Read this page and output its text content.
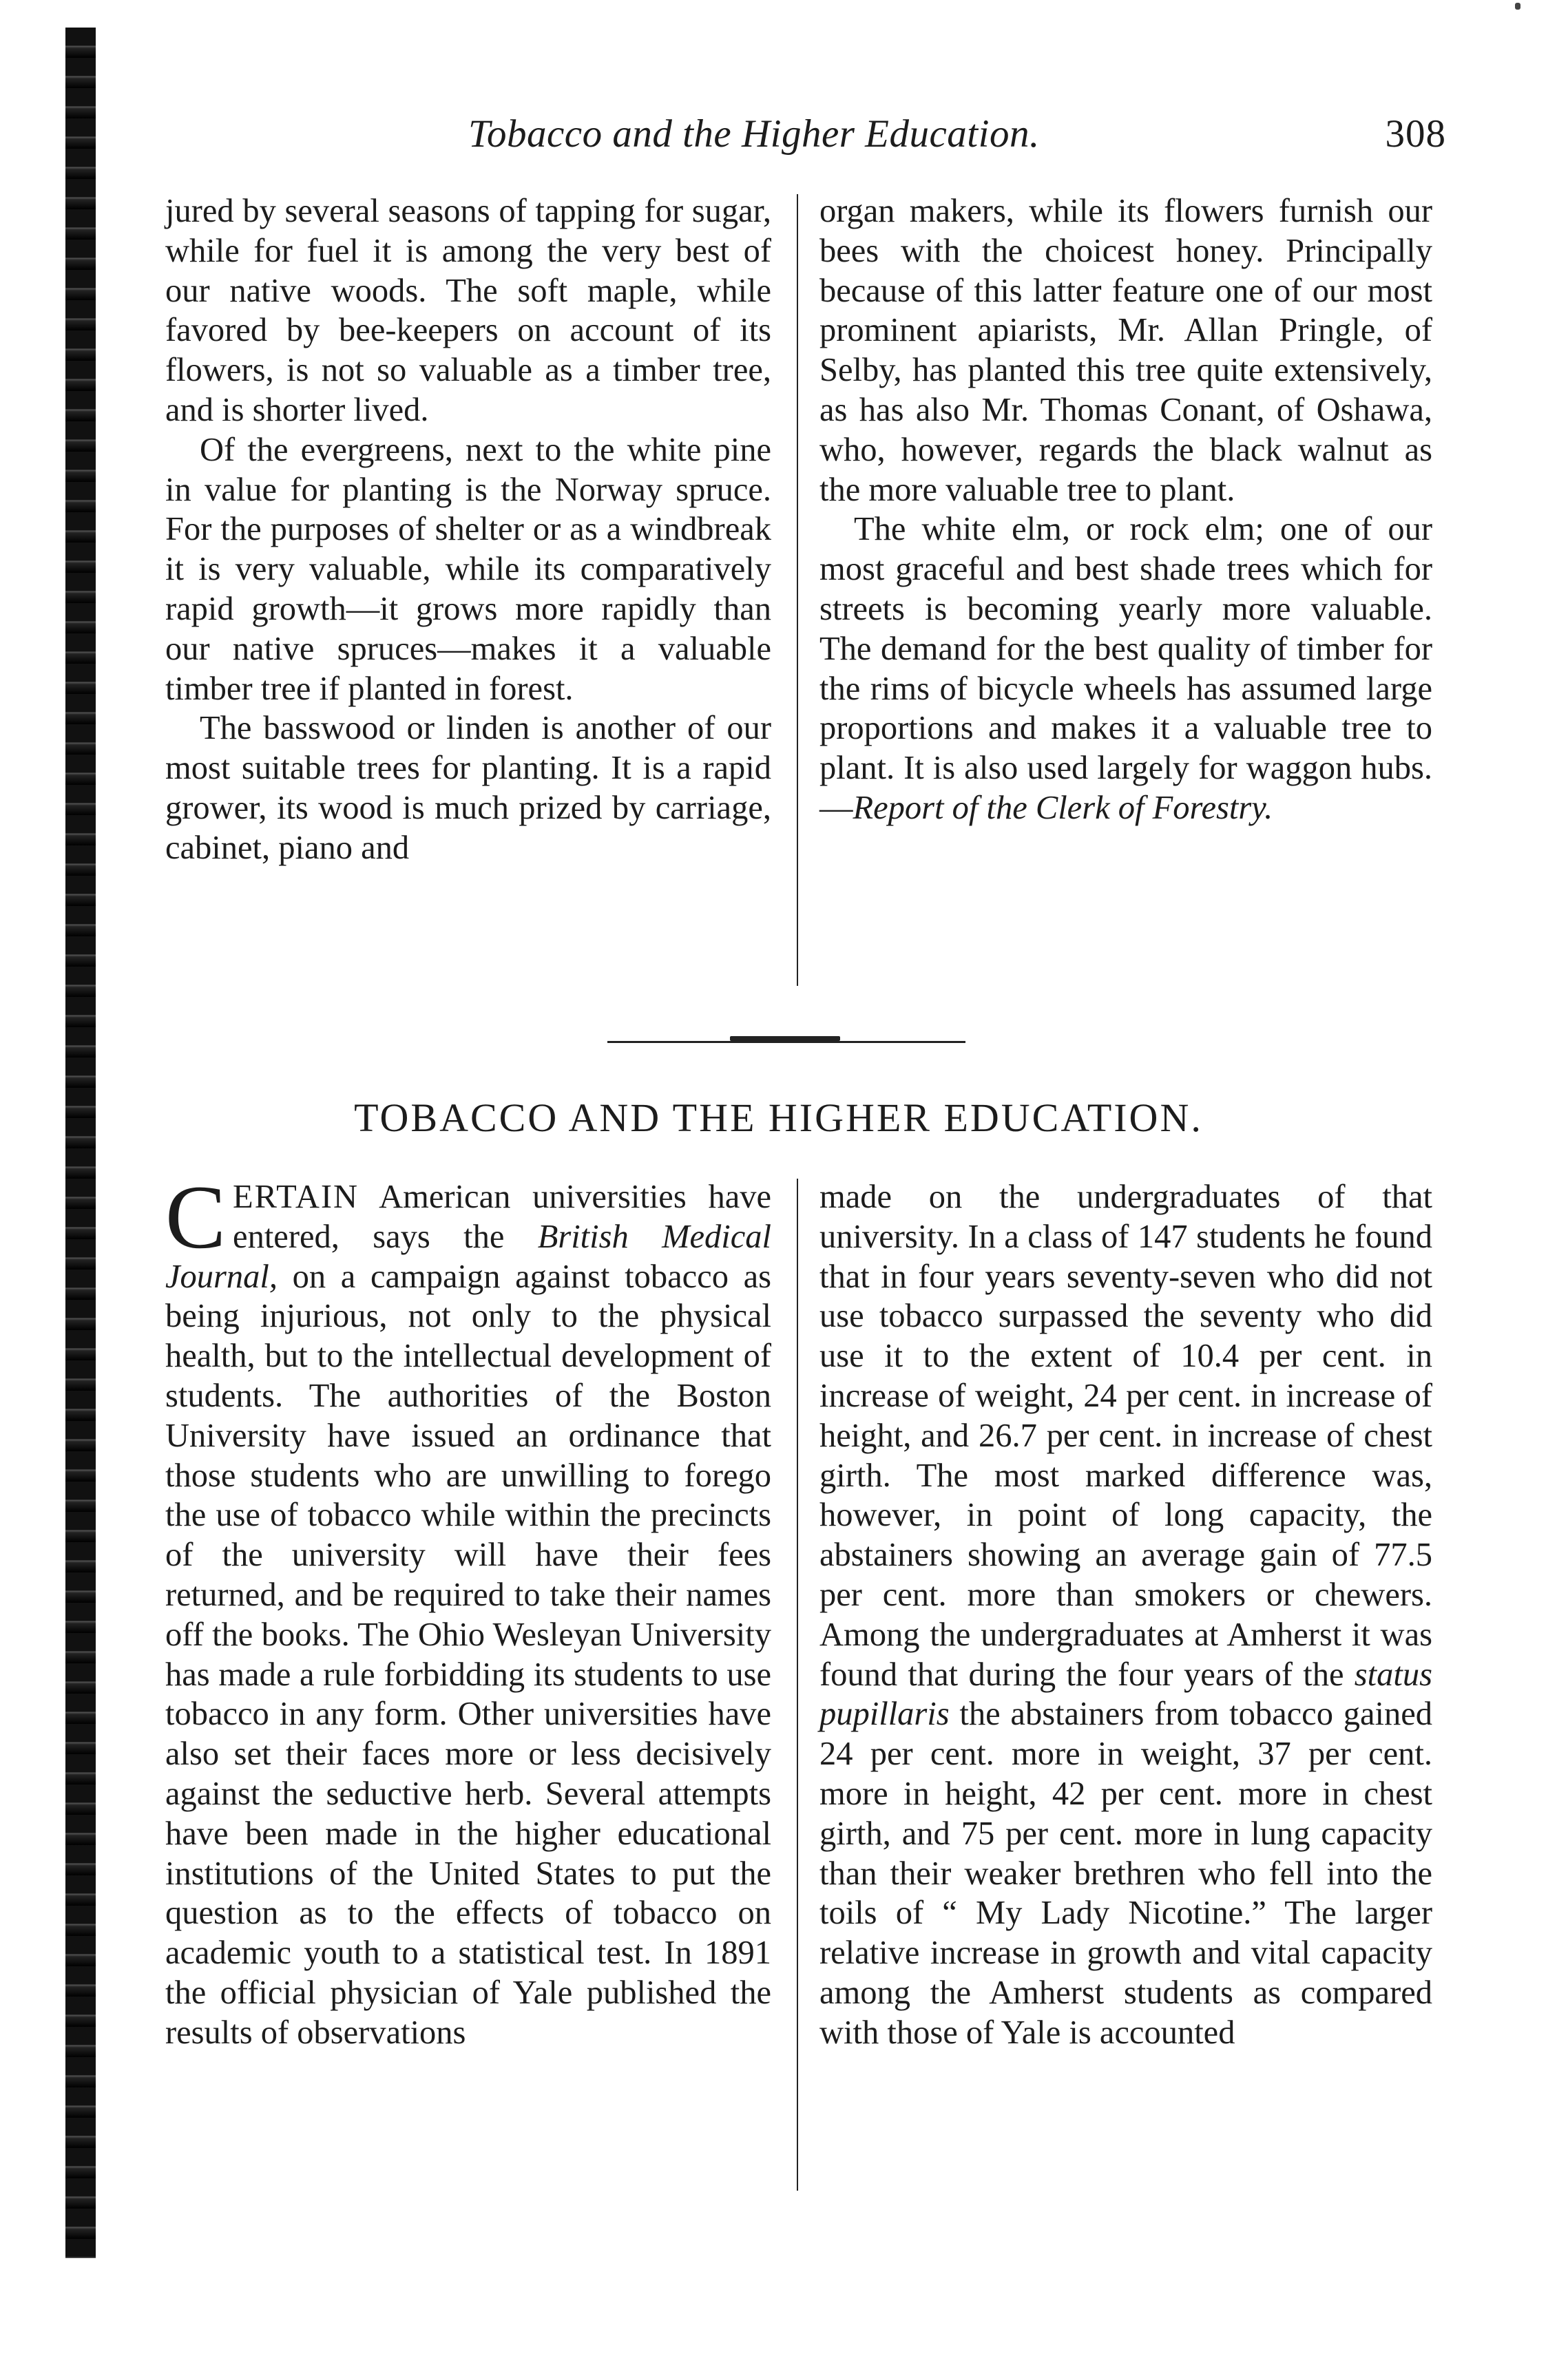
Tobacco and the Higher Education.	308

jured by several seasons of tapping for sugar, while for fuel it is among the very best of our native woods. The soft maple, while favored by bee-keepers on account of its flowers, is not so valuable as a timber tree, and is shorter lived.

Of the evergreens, next to the white pine in value for planting is the Norway spruce. For the purposes of shelter or as a windbreak it is very valuable, while its comparatively rapid growth—it grows more rapidly than our native spruces—makes it a valuable timber tree if planted in forest.

The basswood or linden is another of our most suitable trees for planting. It is a rapid grower, its wood is much prized by carriage, cabinet, piano and

organ makers, while its flowers furnish our bees with the choicest honey. Principally because of this latter feature one of our most prominent apiarists, Mr. Allan Pringle, of Selby, has planted this tree quite extensively, as has also Mr. Thomas Conant, of Oshawa, who, however, regards the black walnut as the more valuable tree to plant.

The white elm, or rock elm; one of our most graceful and best shade trees which for streets is becoming yearly more valuable. The demand for the best quality of timber for the rims of bicycle wheels has assumed large proportions and makes it a valuable tree to plant. It is also used largely for waggon hubs.—Report of the Clerk of Forestry.

TOBACCO AND THE HIGHER EDUCATION.

CERTAIN American universities have entered, says the British Medical Journal, on a campaign against tobacco as being injurious, not only to the physical health, but to the intellectual development of students. The authorities of the Boston University have issued an ordinance that those students who are unwilling to forego the use of tobacco while within the precincts of the university will have their fees returned, and be required to take their names off the books. The Ohio Wesleyan University has made a rule forbidding its students to use tobacco in any form. Other universities have also set their faces more or less decisively against the seductive herb. Several attempts have been made in the higher educational institutions of the United States to put the question as to the effects of tobacco on academic youth to a statistical test. In 1891 the official physician of Yale published the results of observations

made on the undergraduates of that university. In a class of 147 students he found that in four years seventy-seven who did not use tobacco surpassed the seventy who did use it to the extent of 10.4 per cent. in increase of weight, 24 per cent. in increase of height, and 26.7 per cent. in increase of chest girth. The most marked difference was, however, in point of long capacity, the abstainers showing an average gain of 77.5 per cent. more than smokers or chewers. Among the undergraduates at Amherst it was found that during the four years of the status pupillaris the abstainers from tobacco gained 24 per cent. more in weight, 37 per cent. more in height, 42 per cent. more in chest girth, and 75 per cent. more in lung capacity than their weaker brethren who fell into the toils of “ My Lady Nicotine.” The larger relative increase in growth and vital capacity among the Amherst students as compared with those of Yale is accounted
